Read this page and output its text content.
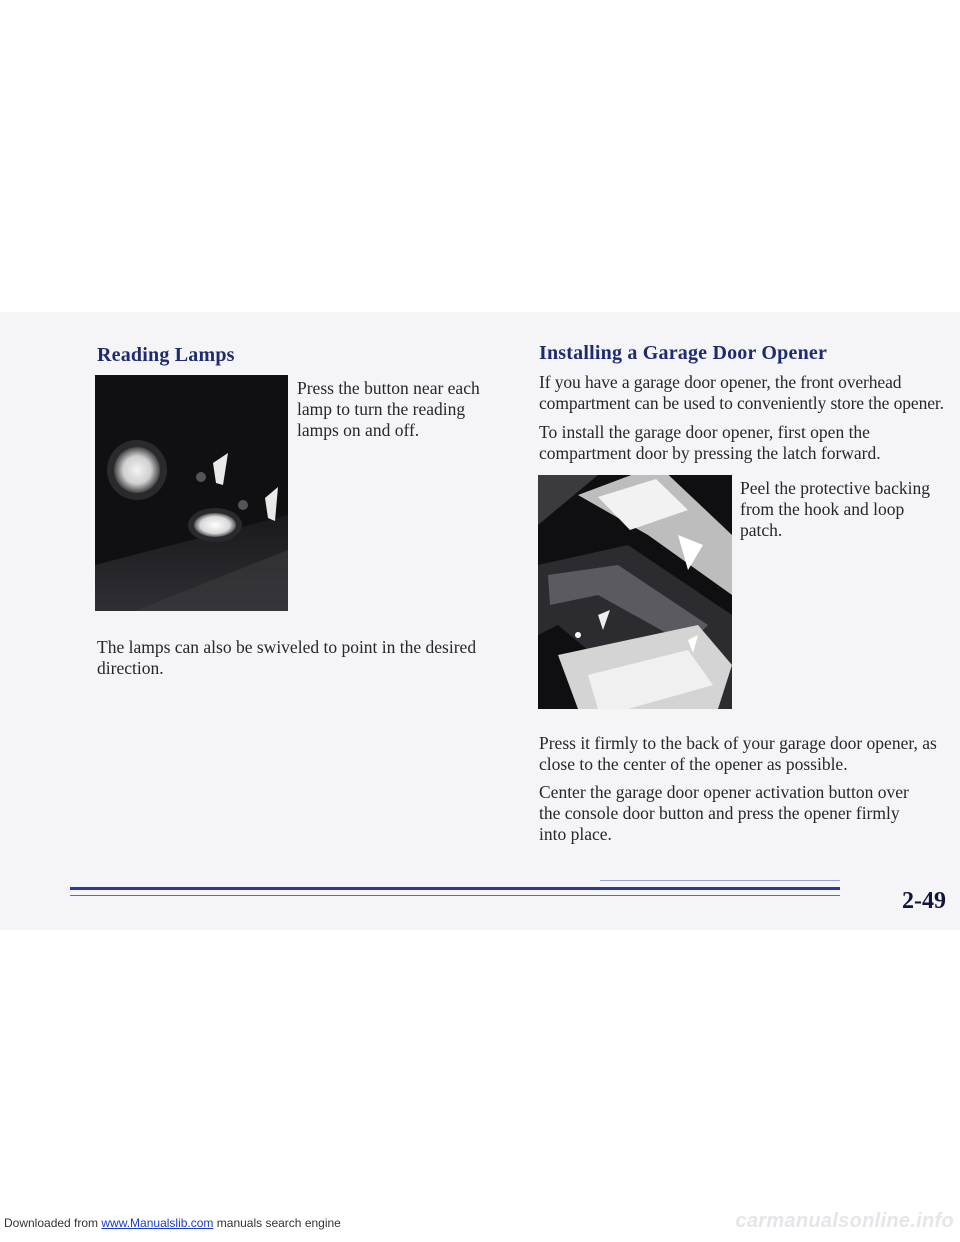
Reading Lamps

Press the button near each lamp to turn the reading lamps on and off.

The lamps can also be swiveled to point in the desired direction.

Installing a Garage Door Opener

If you have a garage door opener, the front overhead compartment can be used to conveniently store the opener.

To install the garage door opener, first open the compartment door by pressing the latch forward.

Peel the protective backing from the hook and loop patch.

Press it firmly to the back of your garage door opener, as close to the center of the opener as possible.

Center the garage door opener activation button over the console door button and press the opener firmly into place.

2-49

Downloaded from www.Manualslib.com manuals search engine	carmanualsonline.info
